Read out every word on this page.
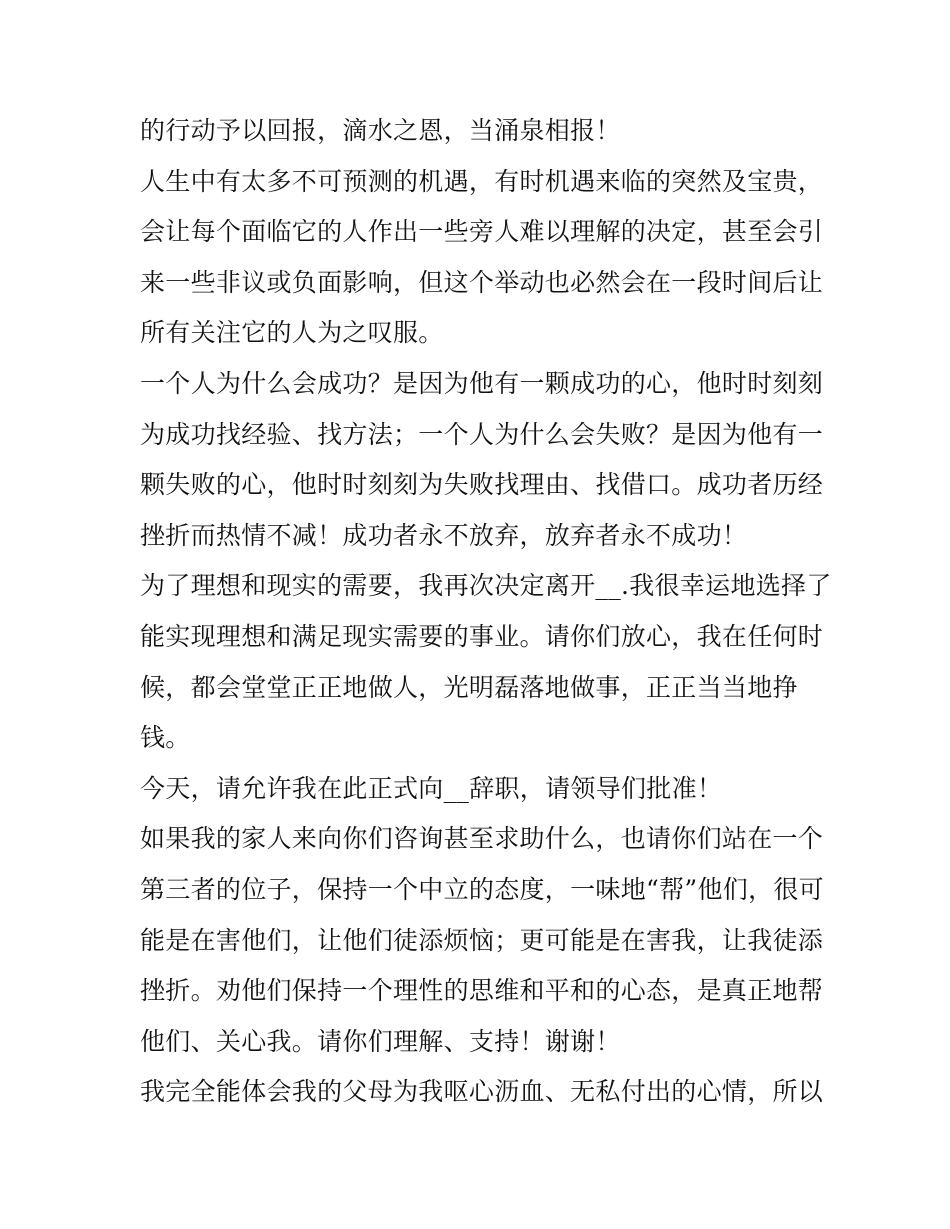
的行动予以回报，滴水之恩，当涌泉相报！
人生中有太多不可预测的机遇，有时机遇来临的突然及宝贵，
会让每个面临它的人作出一些旁人难以理解的决定，甚至会引
来一些非议或负面影响，但这个举动也必然会在一段时间后让
所有关注它的人为之叹服。
一个人为什么会成功？是因为他有一颗成功的心，他时时刻刻
为成功找经验、找方法；一个人为什么会失败？是因为他有一
颗失败的心，他时时刻刻为失败找理由、找借口。成功者历经
挫折而热情不减！成功者永不放弃，放弃者永不成功！
为了理想和现实的需要，我再次决定离开__.我很幸运地选择了
能实现理想和满足现实需要的事业。请你们放心，我在任何时
候，都会堂堂正正地做人，光明磊落地做事，正正当当地挣
钱。
今天，请允许我在此正式向__辞职，请领导们批准！
如果我的家人来向你们咨询甚至求助什么，也请你们站在一个
第三者的位子，保持一个中立的态度，一味地“帮”他们，很可
能是在害他们，让他们徒添烦恼；更可能是在害我，让我徒添
挫折。劝他们保持一个理性的思维和平和的心态，是真正地帮
他们、关心我。请你们理解、支持！谢谢！
我完全能体会我的父母为我呕心沥血、无私付出的心情，所以
